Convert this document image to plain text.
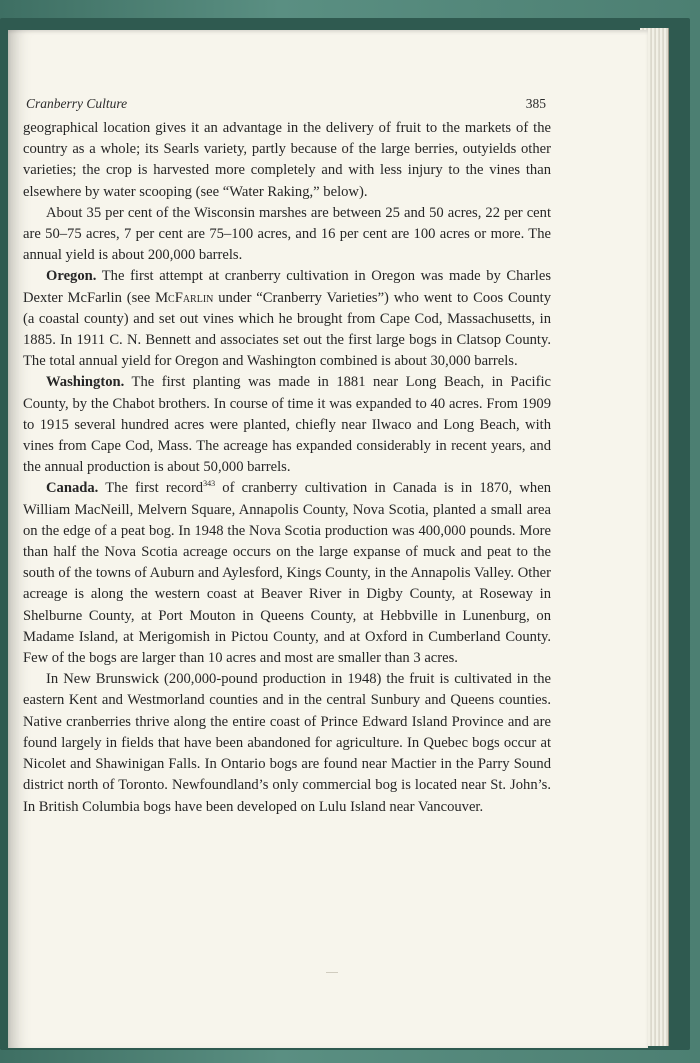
Cranberry Culture	385

geographical location gives it an advantage in the delivery of fruit to the markets of the country as a whole; its Searls variety, partly because of the large berries, outyields other varieties; the crop is harvested more completely and with less injury to the vines than elsewhere by water scooping (see “Water Raking,” below).

About 35 per cent of the Wisconsin marshes are between 25 and 50 acres, 22 per cent are 50–75 acres, 7 per cent are 75–100 acres, and 16 per cent are 100 acres or more. The annual yield is about 200,000 barrels.

Oregon. The first attempt at cranberry cultivation in Oregon was made by Charles Dexter McFarlin (see McFarlin under “Cranberry Varieties”) who went to Coos County (a coastal county) and set out vines which he brought from Cape Cod, Massachusetts, in 1885. In 1911 C. N. Bennett and associates set out the first large bogs in Clatsop County. The total annual yield for Oregon and Washington combined is about 30,000 barrels.

Washington. The first planting was made in 1881 near Long Beach, in Pacific County, by the Chabot brothers. In course of time it was expanded to 40 acres. From 1909 to 1915 several hundred acres were planted, chiefly near Ilwaco and Long Beach, with vines from Cape Cod, Mass. The acreage has expanded considerably in recent years, and the annual production is about 50,000 barrels.

Canada. The first record$^{343}$ of cranberry cultivation in Canada is in 1870, when William MacNeill, Melvern Square, Annapolis County, Nova Scotia, planted a small area on the edge of a peat bog. In 1948 the Nova Scotia production was 400,000 pounds. More than half the Nova Scotia acreage occurs on the large expanse of muck and peat to the south of the towns of Auburn and Aylesford, Kings County, in the Annapolis Valley. Other acreage is along the western coast at Beaver River in Digby County, at Roseway in Shelburne County, at Port Mouton in Queens County, at Hebbville in Lunenburg, on Madame Island, at Merigomish in Pictou County, and at Oxford in Cumberland County. Few of the bogs are larger than 10 acres and most are smaller than 3 acres.

In New Brunswick (200,000-pound production in 1948) the fruit is cultivated in the eastern Kent and Westmorland counties and in the central Sunbury and Queens counties. Native cranberries thrive along the entire coast of Prince Edward Island Province and are found largely in fields that have been abandoned for agriculture. In Quebec bogs occur at Nicolet and Shawinigan Falls. In Ontario bogs are found near Mactier in the Parry Sound district north of Toronto. Newfoundland’s only commercial bog is located near St. John’s. In British Columbia bogs have been developed on Lulu Island near Vancouver.
